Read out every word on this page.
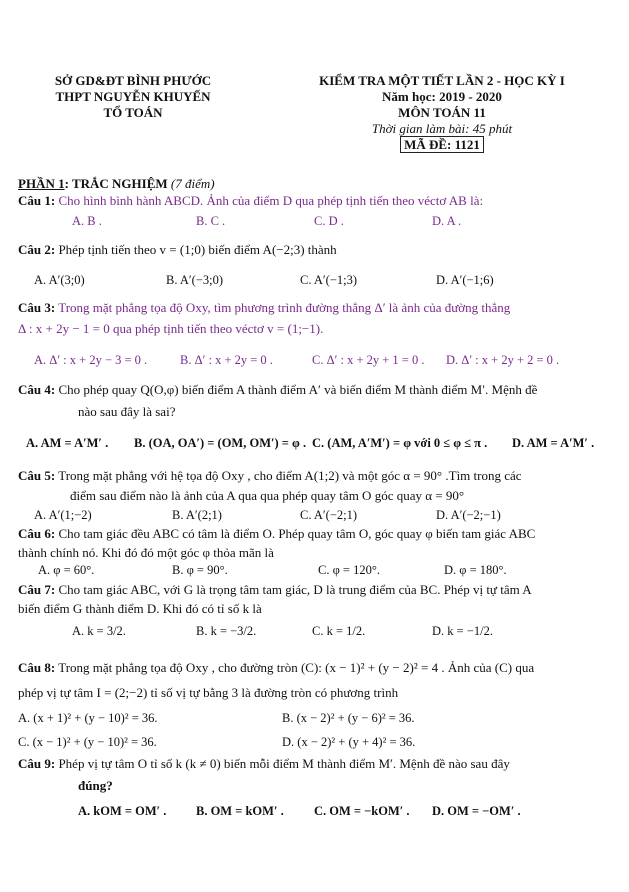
SỞ GD&ĐT BÌNH PHƯỚC
THPT NGUYỄN KHUYẾN
TỔ TOÁN
KIỂM TRA MỘT TIẾT LẦN 2 - HỌC KỲ I
Năm học: 2019 - 2020
MÔN TOÁN 11
Thời gian làm bài: 45 phút
MÃ ĐỀ: 1121
PHẦN 1: TRẮC NGHIỆM (7 điểm)
Câu 1: Cho hình bình hành ABCD. Ảnh của điểm D qua phép tịnh tiến theo véctơ AB là:
A. B .	B. C .	C. D .	D. A .
Câu 2: Phép tịnh tiến theo v = (1;0) biến điểm A(−2;3) thành
A. A′(3;0)	B. A′(−3;0)	C. A′(−1;3)	D. A′(−1;6)
Câu 3: Trong mặt phẳng tọa độ Oxy, tìm phương trình đường thẳng Δ′ là ảnh của đường thẳng
Δ : x + 2y − 1 = 0 qua phép tịnh tiến theo véctơ v = (1;−1).
A. Δ′ : x + 2y − 3 = 0 .	B. Δ′ : x + 2y = 0 .	C. Δ′ : x + 2y + 1 = 0 . D. Δ′ : x + 2y + 2 = 0 .
Câu 4: Cho phép quay Q(O,φ) biến điểm A thành điểm A′ và biến điểm M thành điểm M′. Mệnh đề
nào sau đây là sai?
A. AM = A′M′ . B. (OA, OA′) = (OM, OM′) = φ . C. (AM, A′M′) = φ với 0 ≤ φ ≤ π . D. AM = A′M′ .
Câu 5: Trong mặt phẳng với hệ tọa độ Oxy , cho điểm A(1;2) và một góc α = 90° .Tìm trong các
điểm sau điểm nào là ảnh của A qua qua phép quay tâm O góc quay α = 90°
A. A′(1;−2)	B. A′(2;1)	C. A′(−2;1)	D. A′(−2;−1)
Câu 6: Cho tam giác đều ABC có tâm là điểm O. Phép quay tâm O, góc quay φ biến tam giác ABC
thành chính nó. Khi đó đó một góc φ thỏa mãn là
A. φ = 60°.	B. φ = 90°.	C. φ = 120°.	D. φ = 180°.
Câu 7: Cho tam giác ABC, với G là trọng tâm tam giác, D là trung điểm của BC. Phép vị tự tâm A
biến điểm G thành điểm D. Khi đó có tỉ số k là
A. k = 3/2.	B. k = −3/2.	C. k = 1/2.	D. k = −1/2.
Câu 8: Trong mặt phẳng tọa độ Oxy , cho đường tròn (C): (x − 1)² + (y − 2)² = 4 . Ảnh của (C) qua
phép vị tự tâm I = (2;−2) tỉ số vị tự bằng 3 là đường tròn có phương trình
A. (x + 1)² + (y − 10)² = 36.	B. (x − 2)² + (y − 6)² = 36.
C. (x − 1)² + (y − 10)² = 36.	D. (x − 2)² + (y + 4)² = 36.
Câu 9: Phép vị tự tâm O tỉ số k (k ≠ 0) biến mỗi điểm M thành điểm M′. Mệnh đề nào sau đây
đúng?
A. kOM = OM′ . B. OM = kOM′ . C. OM = −kOM′ . D. OM = −OM′ .
